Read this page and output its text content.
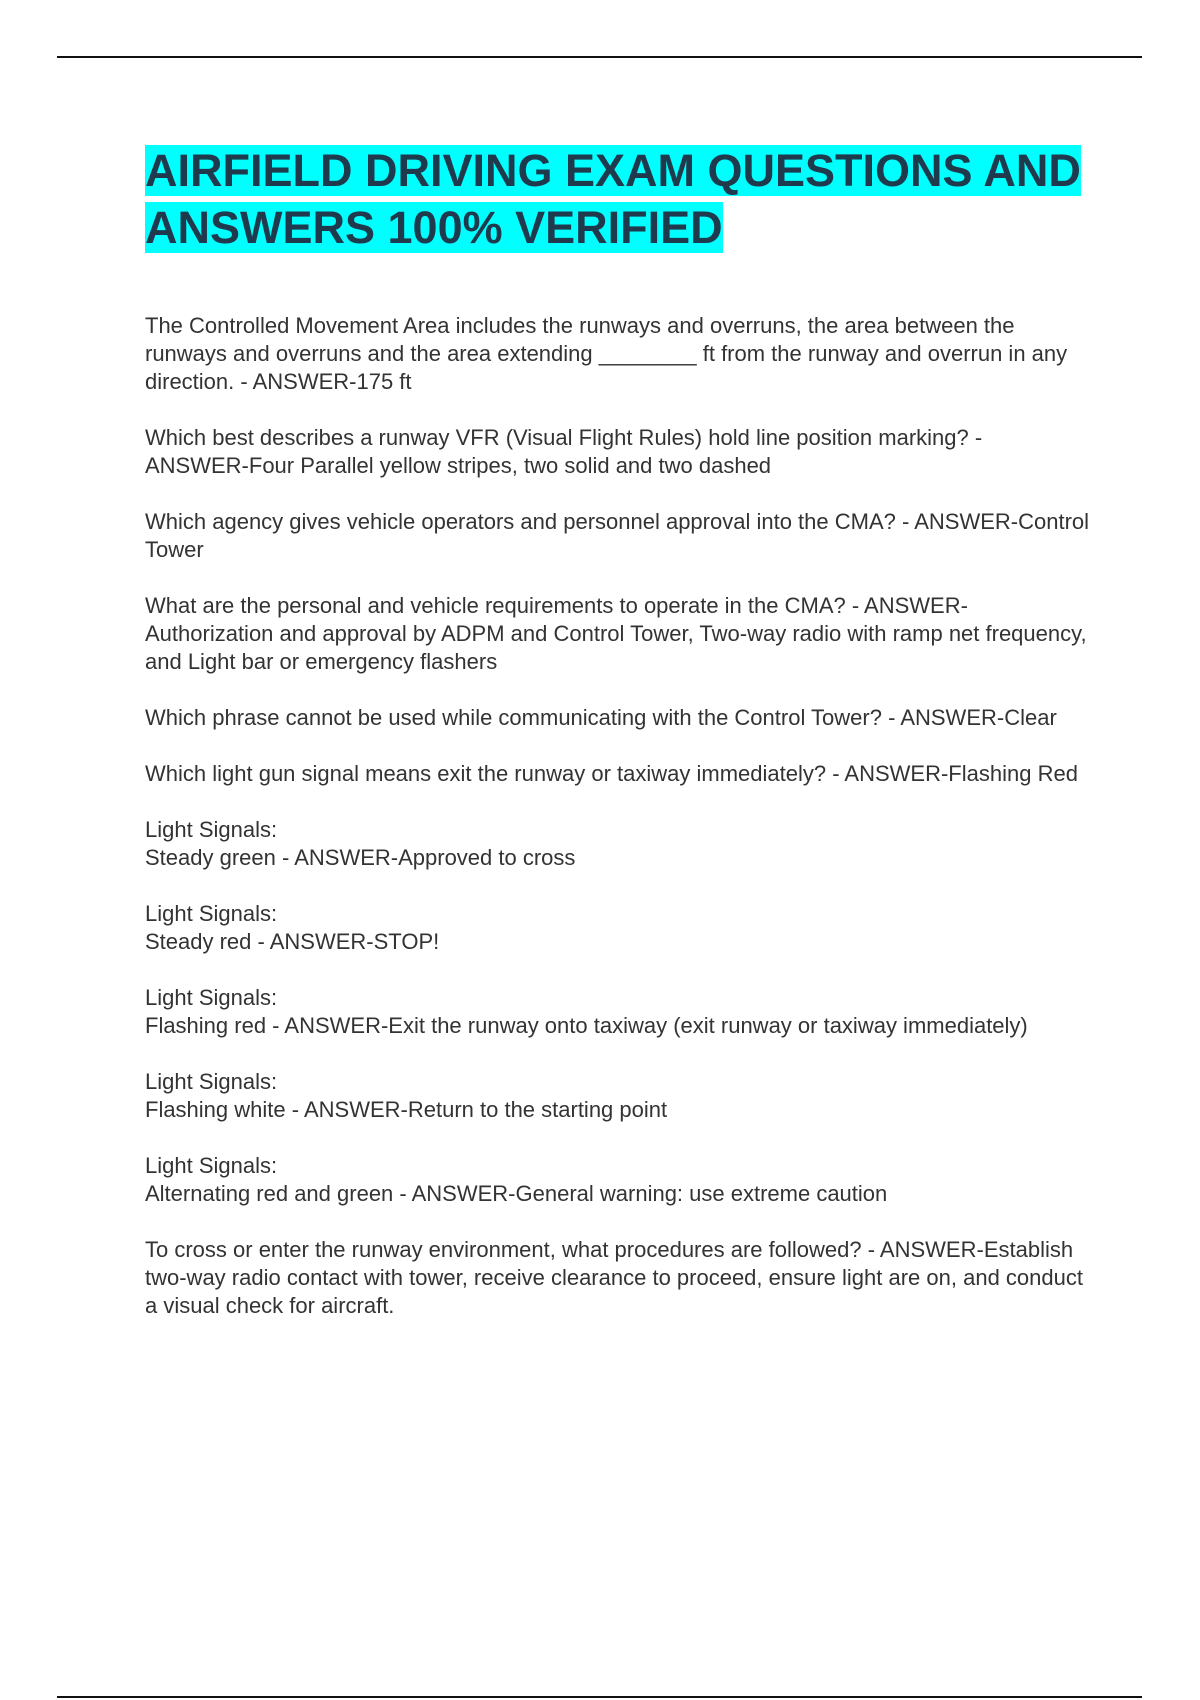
AIRFIELD DRIVING EXAM QUESTIONS AND ANSWERS 100% VERIFIED

The Controlled Movement Area includes the runways and overruns, the area between the runways and overruns and the area extending ________ ft from the runway and overrun in any direction. - ANSWER-175 ft

Which best describes a runway VFR (Visual Flight Rules) hold line position marking? - ANSWER-Four Parallel yellow stripes, two solid and two dashed

Which agency gives vehicle operators and personnel approval into the CMA? - ANSWER-Control Tower

What are the personal and vehicle requirements to operate in the CMA? - ANSWER-Authorization and approval by ADPM and Control Tower, Two-way radio with ramp net frequency, and Light bar or emergency flashers

Which phrase cannot be used while communicating with the Control Tower? - ANSWER-Clear

Which light gun signal means exit the runway or taxiway immediately? - ANSWER-Flashing Red

Light Signals:
Steady green - ANSWER-Approved to cross

Light Signals:
Steady red - ANSWER-STOP!

Light Signals:
Flashing red - ANSWER-Exit the runway onto taxiway (exit runway or taxiway immediately)

Light Signals:
Flashing white - ANSWER-Return to the starting point

Light Signals:
Alternating red and green - ANSWER-General warning: use extreme caution

To cross or enter the runway environment, what procedures are followed? - ANSWER-Establish two-way radio contact with tower, receive clearance to proceed, ensure light are on, and conduct a visual check for aircraft.
